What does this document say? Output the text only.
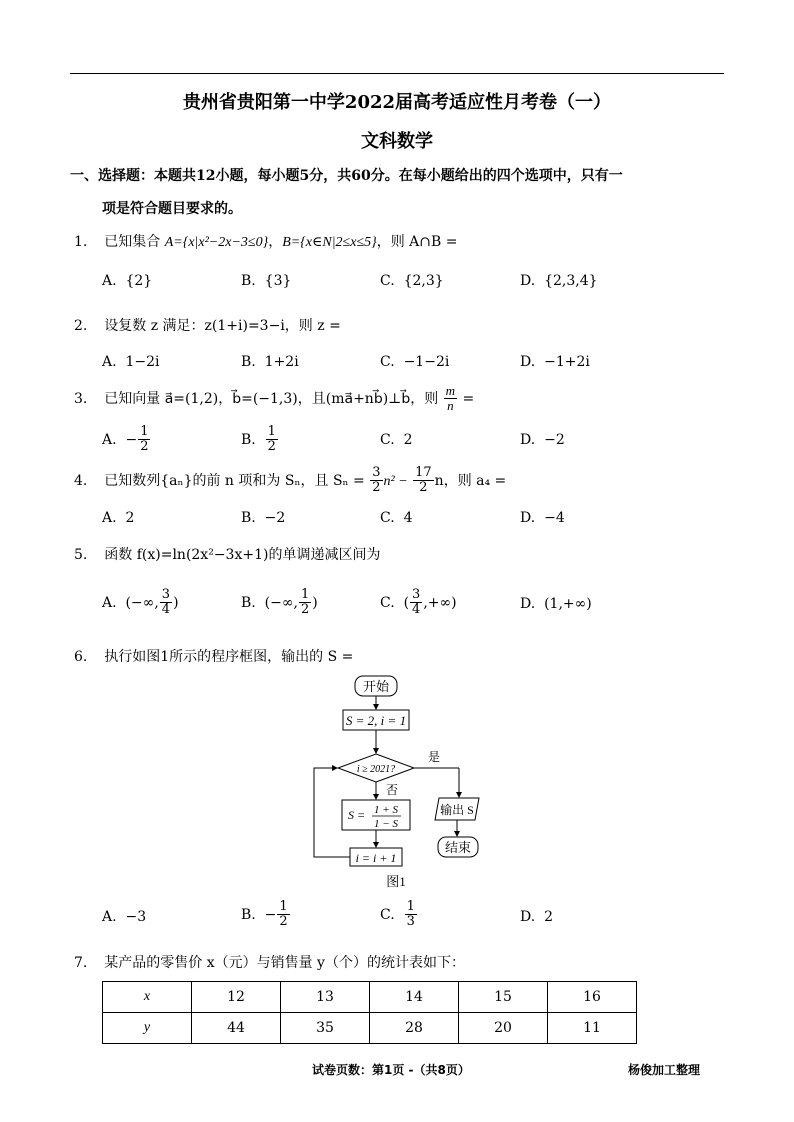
贵州省贵阳第一中学2022届高考适应性月考卷（一）
文科数学
一、选择题：本题共12小题，每小题5分，共60分。在每小题给出的四个选项中，只有一
项是符合题目要求的。
1. 已知集合 A={x|x²−2x−3≤0}，B={x∈N|2≤x≤5}，则 A∩B =
A. {2}	B. {3}	C. {2,3}	D. {2,3,4}
2. 设复数 z 满足：z(1+i)=3−i，则 z =
A. 1−2i	B. 1+2i	C. −1−2i	D. −1+2i
3. 已知向量 a⃗=(1,2)，b⃗=(−1,3)，且(ma⃗+nb⃗)⊥b⃗，则 $\frac{m}{n}$ =
A. − $\frac{1}{2}$	B. $\frac{1}{2}$	C. 2	D. −2
4. 已知数列{aₙ}的前 n 项和为 Sₙ，且 $S_n = \frac{3}{2} n^2 - \frac{17}{2}$ n，则 a₄ =
A. 2	B. −2	C. 4	D. −4
5. 函数 f(x)=ln(2x²−3x+1)的单调递减区间为
A. (−∞, $\frac{3}{4}$ )	B. (−∞, $\frac{1}{2}$ )	C. ( $\frac{3}{4}$ ,+∞)	D. (1,+∞)
6. 执行如图1所示的程序框图，输出的 S =
开始
S = 2, i = 1
i ≥ 2021?
是
输出 S
结束
否
S = 1 + S
1 − S
i = i + 1
图1
A. −3	B. − $\frac{1}{2}$	C. $\frac{1}{3}$	D. 2
7. 某产品的零售价 x（元）与销售量 y（个）的统计表如下：
x	12	13	14	15	16
y	44	35	28	20	11
试卷页数：第1页 -（共8页）	杨俊加工整理
